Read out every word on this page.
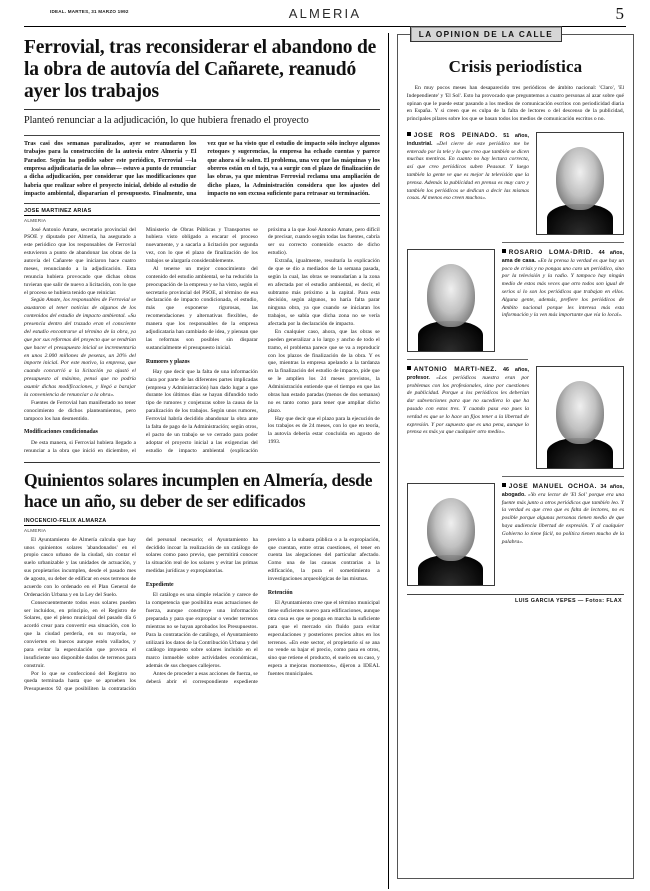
IDEAL. MARTES, 31 MARZO 1992	ALMERIA	5
Ferrovial, tras reconsiderar el abandono de la obra de autovía del Cañarete, reanudó ayer los trabajos
Planteó renunciar a la adjudicación, lo que hubiera frenado el proyecto
Tras casi dos semanas paralizados, ayer se reanudaron los trabajos para la construcción de la autovía entre Almería y El Parador. Según ha podido saber este periódico, Ferrovial —la empresa adjudicataria de las obras— estuvo a punto de renunciar a dicha adjudicación, por considerar que las modificaciones que habría que realizar sobre el proyecto inicial, debido al estudio de impacto ambiental, dispararían el presupuesto. Finalmente, una vez que se ha visto que el estudio de impacto sólo incluye algunos retoques y sugerencias, la empresa ha echado cuentas y parece que ahora sí le salen. El problema, una vez que las máquinas y los obreros están en el tajo, va a surgir con el plazo de finalización de las obras, ya que mientras Ferrovial reclama una ampliación de dicho plazo, la Administración considera que los ajustes del impacto no son excusa suficiente para retrasar su terminación.
JOSE MARTINEZ ARIAS
ALMERIA

José Antonio Amate, secretario provincial del PSOE y diputado por Almería, ha asegurado a este periódico que los responsables de Ferrovial estuvieron a punto de abandonar las obras de la autovía del Cañarete que iniciaron hace cuatro meses, renunciando a la adjudicación. Esta renuncia hubiera provocado que dichas obras tuvieran que salir de nuevo a licitación, con lo que el proceso se hubiera tenido que reiniciar.

Según Amate, los responsables de Ferrovial se asustaron al tener noticias de algunos de los contenidos del estudio de impacto ambiental. «Su presencia dentro del trazado eran el consciente del estudio encontrarse al término de la obra, ya que por sus reformas del proyecto que se tendrían que hacer el presupuesto inicial se incrementaría en unos 2.000 millones de pesetas, un 20% del importe inicial. Por este motivo, la empresa, que cuando concurrió a la licitación ya ajustó el presupuesto al máximo, pensó que no podría asumir dichas modificaciones, y llegó a barajar la conveniencia de renunciar a la obra».

Fuentes de Ferrovial han manifestado no tener conocimiento de dichos planteamientos, pero tampoco los han desmentido.

Modificaciones condicionadas

De esta manera, si Ferrovial hubiera llegado a renunciar a la obra que inició en diciembre, el Ministerio de Obras Públicas y Transportes se hubiera visto obligado a encarar el proceso nuevamente, y a sacarla a licitación por segunda vez, con lo que el plazo de finalización de los trabajos se alargaría considerablemente.

Al tenerse un mejor conocimiento del contenido del estudio ambiental, se ha reducido la preocupación de la empresa y se ha visto, según el secretario provincial del PSOE, al término de esa declaración de impacto condicionada, el estudio, más que exponerse rigurosas, las recomendaciones y alternativas flexibles, de manera que los responsables de la empresa adjudicataria han cambiado de idea, y piensan que las reformas son posibles sin disparar sustancialmente el presupuesto inicial.

Rumores y plazos

Hay que decir que la falta de una información clara por parte de las diferentes partes implicadas (empresa y Administración) han dado lugar a que durante los últimos días se hayan difundido todo tipo de rumores y conjeturas sobre la causa de la paralización de los trabajos. Según unos rumores, Ferrovial habría decidido abandonar la obra ante la falta de pago de la Administración; según otros, el pacto de un trabajo se ve cerrado para poder adoptar el proyecto inicial a las exigencias del estudio de impacto ambiental (explicación próxima a la que José Antonio Amate, pero difícil de precisar, cuando según todas las fuentes, cabría ser su correcto contenido exacto de dicho estudio).

Extraña, igualmente, resultaría la explicación de que se dio a mediados de la semana pasada, según la cual, las obras se reanudarían a la zona en afectada por el estudio ambiental, es decir, el subtramo más próximo a la capital. Para esta decisión, según algunos, no haría falta parar ninguna obra, ya que cuando se iniciaran los trabajos, se sabía que dicha zona no se vería afectada por la declaración de impacto.

En cualquier caso, ahora, que las obras se pueden generalizar a lo largo y ancho de todo el tramo, el problema parece que se va a reproducir con los plazos de finalización de la obra. Y es que, mientras la empresa apelando a la tardanza en la finalización del estudio de impacto, pide que se le amplíen los 24 meses previstos, la Administración entiende que el tiempo en que las obras han estado paradas (menos de dos semanas) no es tanto como para tener que ampliar dicho plazo.

Hay que decir que el plazo para la ejecución de los trabajos es de 24 meses, con lo que en teoría, la autovía debería estar concluida en agosto de 1993.

Quinientos solares incumplen en Almería, desde hace un año, su deber de ser edificados
INOCENCIO-FELIX ALMARZA
ALMERIA

El Ayuntamiento de Almería calcula que hay unos quinientos solares 'abandonados' en el propio casco urbano de la ciudad, sin contar el suelo urbanizable y las unidades de actuación, y sus propietarios incumplen, desde el pasado mes de agosto, su deber de edificar en esos terrenos de acuerdo con lo ordenado en el Plan General de Ordenación Urbana y en la Ley del Suelo.

Consecuentemente todos esos solares pueden ser incluidos, en principio, en el Registro de Solares, que el pleno municipal del pasado día 6 acordó crear para convertir esa situación, con lo que la ciudad perdería, en su mayoría, se convierten en huecos aunque estén vallados, y para evitar la especulación que provoca el insuficiente uso disponible dados de terrenos para construir.

Por lo que se confeccionó del Registro no queda terminada hasta que se aprueben los Presupuestos 92 que posibiliten la contratación del personal necesario; el Ayuntamiento ha decidido incoar la realización de un catálogo de solares como paso previo, que permitirá conocer la situación real de los solares y evitar las primas medidas jurídicas y expropiatorias.

Expediente

El catálogo es una simple relación y carece de la competencia que posibilita esas actuaciones de fuerza, aunque constituye una información preparada y para que expropiar o vender terrenos mientras no se hayan aprobados los Presupuestos. Para la contratación de catálogo, el Ayuntamiento utilizará los datos de la Contribución Urbana y del catálogo impuesto sobre solares incluido en el marco inmueble sobre actividades económicas, además de sus cheques callejeros.

Antes de proceder a esas acciones de fuerza, se deberá abrir el correspondiente expediente previsto a la subasta pública o a la expropiación, que cuentan, entre otras cuestiones, el tener en cuenta las alegaciones del particular afectado. Como una de las causas contrarias a la edificación, la pura el sometimiento a investigaciones arqueológicas de las mismas.

Retención

El Ayuntamiento cree que el término municipal tiene suficientes nuevo para edificaciones, aunque otra cosa es que se ponga en marcha la suficiente para que el mercado sin fluido para evitar especulaciones y posteriores precios altos en los terrenos. «En este sector, el propietario sí se ana no vende su bajar el precio, como pasa en otros, sino que retiene el producto, el suelo en su caso, y espera a mejoras momentos», dijeron a IDEAL fuentes municipales.

LA OPINION DE LA CALLE
Crisis periodística

En muy pocos meses han desaparecido tres periódicos de ámbito nacional: 'Claro', 'El Independiente' y 'El Sol'. Esto ha provocado que preguntemos a cuatro personas al azar sobre qué opinan que le puede estar pasando a los medios de comunicación escritos con periodicidad diaria en España. Y si creen que es culpa de la falta de lectores o del descenso de la publicidad, principales pilares sobre los que se basan todos los medios de comunicación escritos o no.

JOSE ROS PEINADO. 51 años, industrial. «Del cierre de este periódico me he enterado por la tele y lo que creo que también se dicen muchas mentiras. En cuanto no hay lectura correcta, así que creo periódicos suben Peasour. Y luego también la gente ve que es mejor la televisión que la prensa. Además la publicidad en prensa es muy caro y también los periódicos se dedican a decir las mismas cosas. Al menos eso creen muchos».
ROSARIO LOMA-DRID. 44 años, ama de casa. «En la prensa la verdad es que hay un poco de crisis y no pongas uno caro un periódico, sino por la televisión y la radio. Y tampoco hay ningún medio de estos más veces que otro todos son igual de serios si lo son los periódicos que trabajan en ellos. Alguna gente, además, prefiere los periódicos de Ambito nacional porque les interesa más esta información y la ven más importante que vía lo local».
ANTONIO MARTI-NEZ. 46 años, profesor. «Los periódicos nuestra eran por problemas con los profesionales, sino por cuestiones de publicidad. Porque a los periódicos les deberían dar subvenciones para que no sucediera lo que ha pasado con estos tres. Y cuando pasa eso pues la verdad es que se lo hace un fijos tener a la libertad de expresión. Y por supuesto que es una pena, aunque lo prensa es más ya que cualquier otro medio».
JOSE MANUEL OCHOA. 34 años, abogado. «Yo era lector de 'El Sol' porque era una fuente más junto a otros periódicos que también leo. Y la verdad es que creo que es falta de lectores, no es posible porque algunas personas tienen medio de que haya audiencia libertad de expresión. Y al cualquier Gobierno lo tiene fácil, no política tienen mucho de la palabra».
LUIS GARCIA YEPES — Fotos: FLAX
